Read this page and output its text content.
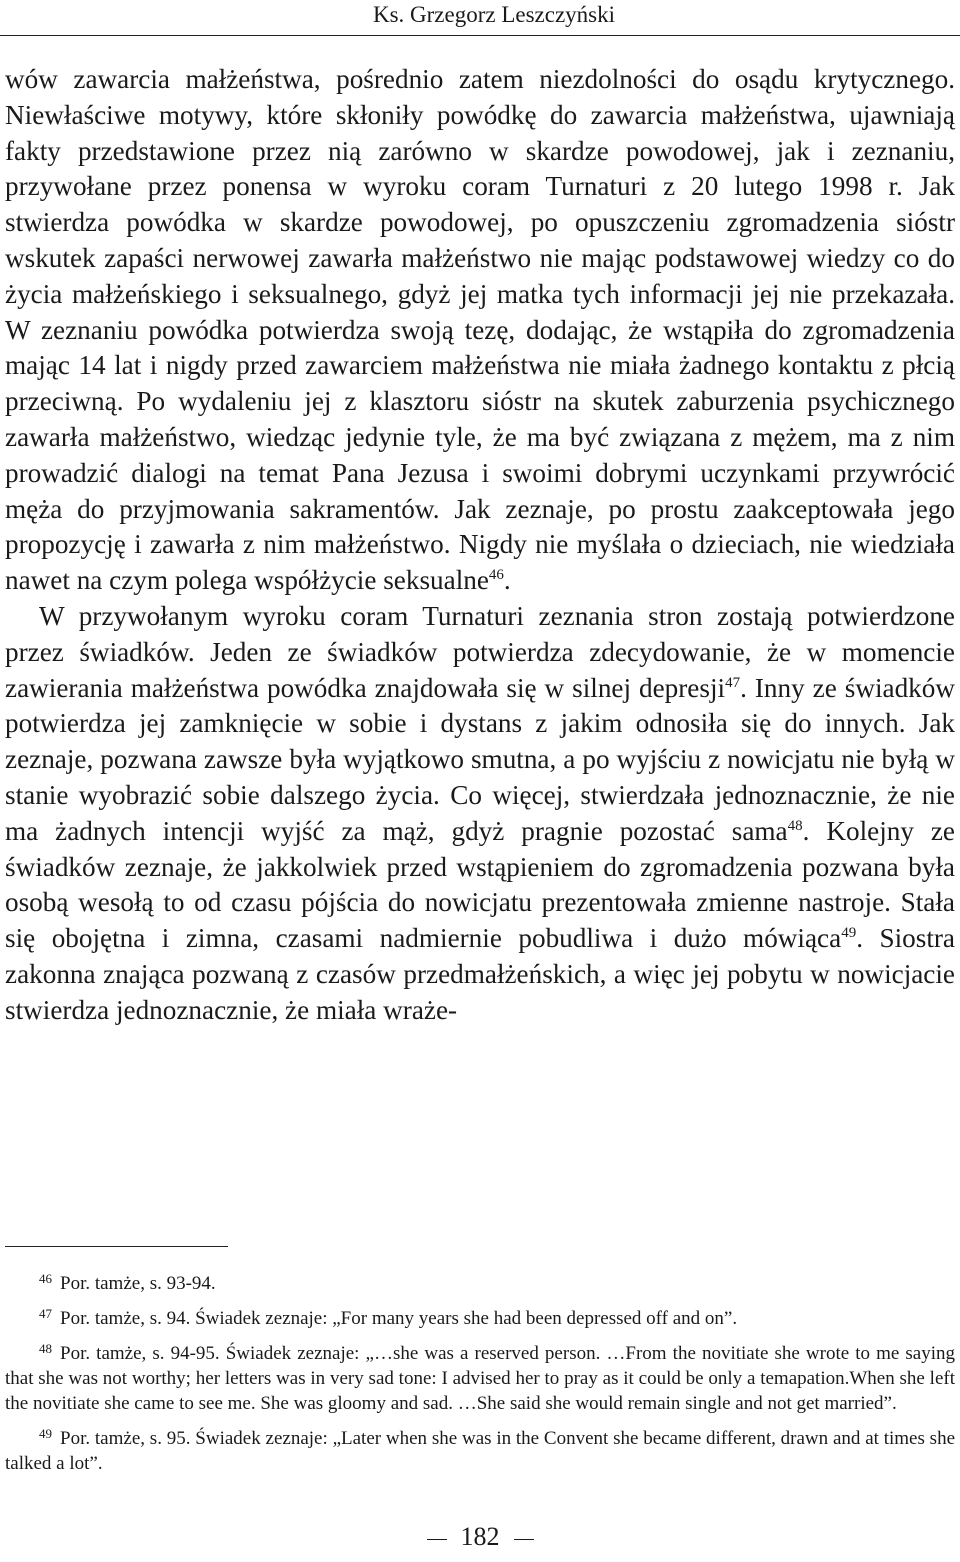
Ks. Grzegorz Leszczyński

wów zawarcia małżeństwa, pośrednio zatem niezdolności do osądu krytycznego. Niewłaściwe motywy, które skłoniły powódkę do zawarcia małżeństwa, ujawniają fakty przedstawione przez nią zarówno w skardze powodowej, jak i zeznaniu, przywołane przez ponensa w wyroku coram Turnaturi z 20 lutego 1998 r. Jak stwierdza powódka w skardze powodowej, po opuszczeniu zgromadzenia sióstr wskutek zapaści nerwowej zawarła małżeństwo nie mając podstawowej wiedzy co do życia małżeńskiego i seksualnego, gdyż jej matka tych informacji jej nie przekazała. W zeznaniu powódka potwierdza swoją tezę, dodając, że wstąpiła do zgromadzenia mając 14 lat i nigdy przed zawarciem małżeństwa nie miała żadnego kontaktu z płcią przeciwną. Po wydaleniu jej z klasztoru sióstr na skutek zaburzenia psychicznego zawarła małżeństwo, wiedząc jedynie tyle, że ma być związana z mężem, ma z nim prowadzić dialogi na temat Pana Jezusa i swoimi dobrymi uczynkami przywrócić męża do przyjmowania sakramentów. Jak zeznaje, po prostu zaakceptowała jego propozycję i zawarła z nim małżeństwo. Nigdy nie myślała o dzieciach, nie wiedziała nawet na czym polega współżycie seksualne$^{46}$.

W przywołanym wyroku coram Turnaturi zeznania stron zostają potwierdzone przez świadków. Jeden ze świadków potwierdza zdecydowanie, że w momencie zawierania małżeństwa powódka znajdowała się w silnej depresji$^{47}$. Inny ze świadków potwierdza jej zamknięcie w sobie i dystans z jakim odnosiła się do innych. Jak zeznaje, pozwana zawsze była wyjątkowo smutna, a po wyjściu z nowicjatu nie byłą w stanie wyobrazić sobie dalszego życia. Co więcej, stwierdzała jednoznacznie, że nie ma żadnych intencji wyjść za mąż, gdyż pragnie pozostać sama$^{48}$. Kolejny ze świadków zeznaje, że jakkolwiek przed wstąpieniem do zgromadzenia pozwana była osobą wesołą to od czasu pójścia do nowicjatu prezentowała zmienne nastroje. Stała się obojętna i zimna, czasami nadmiernie pobudliwa i dużo mówiąca$^{49}$. Siostra zakonna znająca pozwaną z czasów przedmałżeńskich, a więc jej pobytu w nowicjacie stwierdza jednoznacznie, że miała wraże-

$^{46}$ Por. tamże, s. 93-94.

$^{47}$ Por. tamże, s. 94. Świadek zeznaje: „For many years she had been depressed off and on”.

$^{48}$ Por. tamże, s. 94-95. Świadek zeznaje: „…she was a reserved person. …From the novitiate she wrote to me saying that she was not worthy; her letters was in very sad tone: I advised her to pray as it could be only a temapation.When she left the novitiate she came to see me. She was gloomy and sad. …She said she would remain single and not get married”.

$^{49}$ Por. tamże, s. 95. Świadek zeznaje: „Later when she was in the Convent she became different, drawn and at times she talked a lot”.

182
